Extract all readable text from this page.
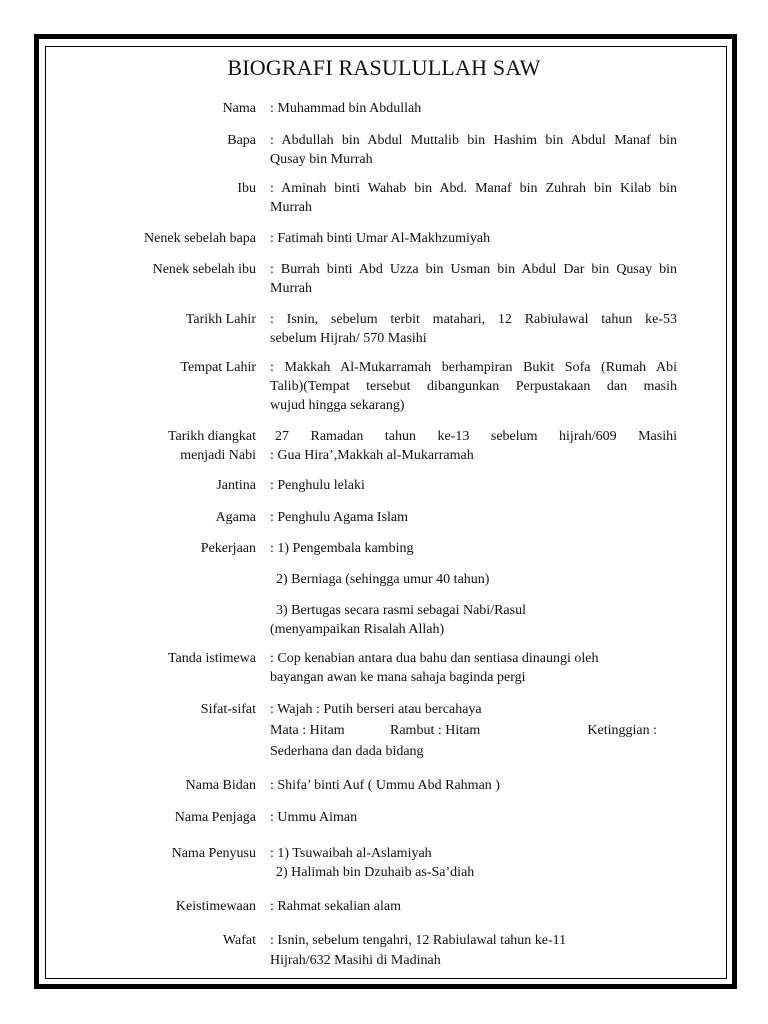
BIOGRAFI RASULULLAH SAW
Nama : Muhammad bin Abdullah
Bapa : Abdullah bin Abdul Muttalib bin Hashim bin Abdul Manaf bin
Qusay bin Murrah
Ibu : Aminah binti Wahab bin Abd. Manaf bin Zuhrah bin Kilab bin
Murrah
Nenek sebelah bapa : Fatimah binti Umar Al-Makhzumiyah
Nenek sebelah ibu : Burrah binti Abd Uzza bin Usman bin Abdul Dar bin Qusay bin
Murrah
Tarikh Lahir : Isnin, sebelum terbit matahari, 12 Rabiulawal tahun ke-53
sebelum Hijrah/ 570 Masihi
Tempat Lahir : Makkah Al-Mukarramah berhampiran Bukit Sofa (Rumah Abi
Talib)(Tempat tersebut dibangunkan Perpustakaan dan masih
wujud hingga sekarang)
Tarikh diangkat
menjadi Nabi
27 Ramadan tahun ke-13 sebelum hijrah/609 Masihi
: Gua Hira’,Makkah al-Mukarramah
Jantina : Penghulu lelaki
Agama : Penghulu Agama Islam
Pekerjaan : 1) Pengembala kambing
2) Berniaga (sehingga umur 40 tahun)
3) Bertugas secara rasmi sebagai Nabi/Rasul
(menyampaikan Risalah Allah)
Tanda istimewa : Cop kenabian antara dua bahu dan sentiasa dinaungi oleh
bayangan awan ke mana sahaja baginda pergi
Sifat-sifat : Wajah : Putih berseri atau bercahaya
Mata : Hitam	Rambut : Hitam	Ketinggian :
Sederhana dan dada bidang
Nama Bidan : Shifa’ binti Auf ( Ummu Abd Rahman )
Nama Penjaga : Ummu Aiman
Nama Penyusu : 1) Tsuwaibah al-Aslamiyah
2) Halimah bin Dzuhaib as-Sa’diah
Keistimewaan : Rahmat sekalian alam
Wafat : Isnin, sebelum tengahri, 12 Rabiulawal tahun ke-11
Hijrah/632 Masihi di Madinah
